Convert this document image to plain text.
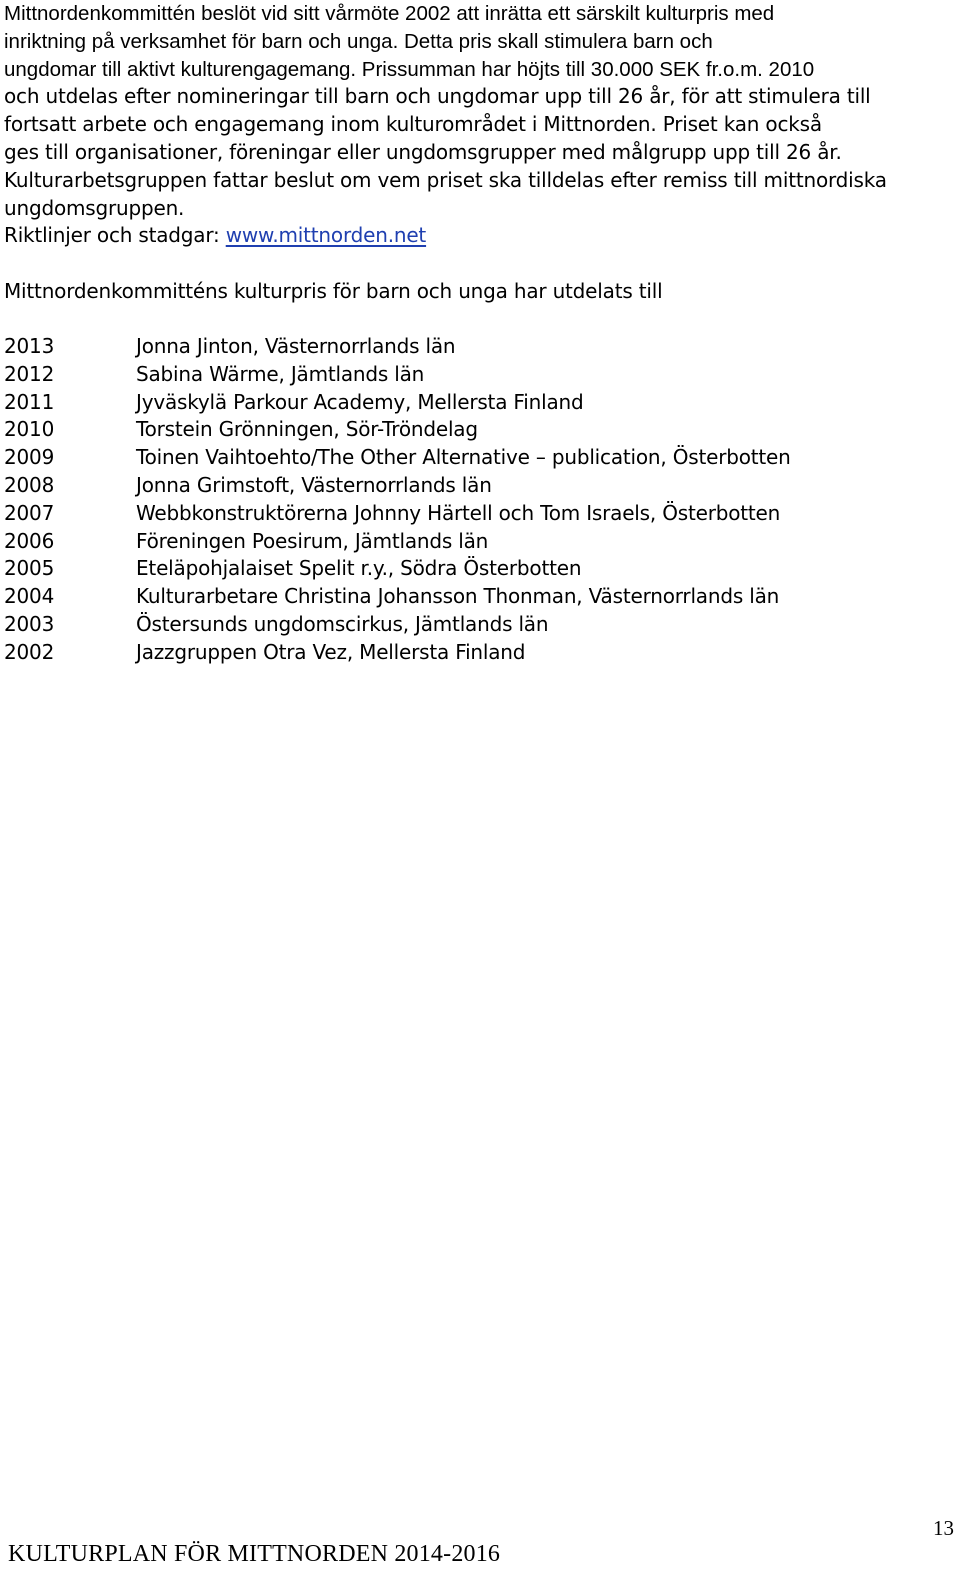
Mittnordenkommittén beslöt vid sitt vårmöte 2002 att inrätta ett särskilt kulturpris med
inriktning på verksamhet för barn och unga. Detta pris skall stimulera barn och
ungdomar till aktivt kulturengagemang. Prissumman har höjts till 30.000 SEK fr.o.m. 2010
och utdelas efter nomineringar till barn och ungdomar upp till 26 år, för att stimulera till
fortsatt arbete och engagemang inom kulturområdet i Mittnorden. Priset kan också
ges till organisationer, föreningar eller ungdomsgrupper med målgrupp upp till 26 år.
Kulturarbetsgruppen fattar beslut om vem priset ska tilldelas efter remiss till mittnordiska
ungdomsgruppen.
Riktlinjer och stadgar: www.mittnorden.net
Mittnordenkommitténs kulturpris för barn och unga har utdelats till
2013	Jonna Jinton, Västernorrlands län
2012	Sabina Wärme, Jämtlands län
2011	Jyväskylä Parkour Academy, Mellersta Finland
2010	Torstein Grönningen, Sör-Tröndelag
2009	Toinen Vaihtoehto/The Other Alternative – publication, Österbotten
2008	Jonna Grimstoft, Västernorrlands län
2007	Webbkonstruktörerna Johnny Härtell och Tom Israels, Österbotten
2006	Föreningen Poesirum, Jämtlands län
2005	Eteläpohjalaiset Spelit r.y., Södra Österbotten
2004	Kulturarbetare Christina Johansson Thonman, Västernorrlands län
2003	Östersunds ungdomscirkus, Jämtlands län
2002	Jazzgruppen Otra Vez, Mellersta Finland
13
KULTURPLAN FÖR MITTNORDEN 2014-2016
